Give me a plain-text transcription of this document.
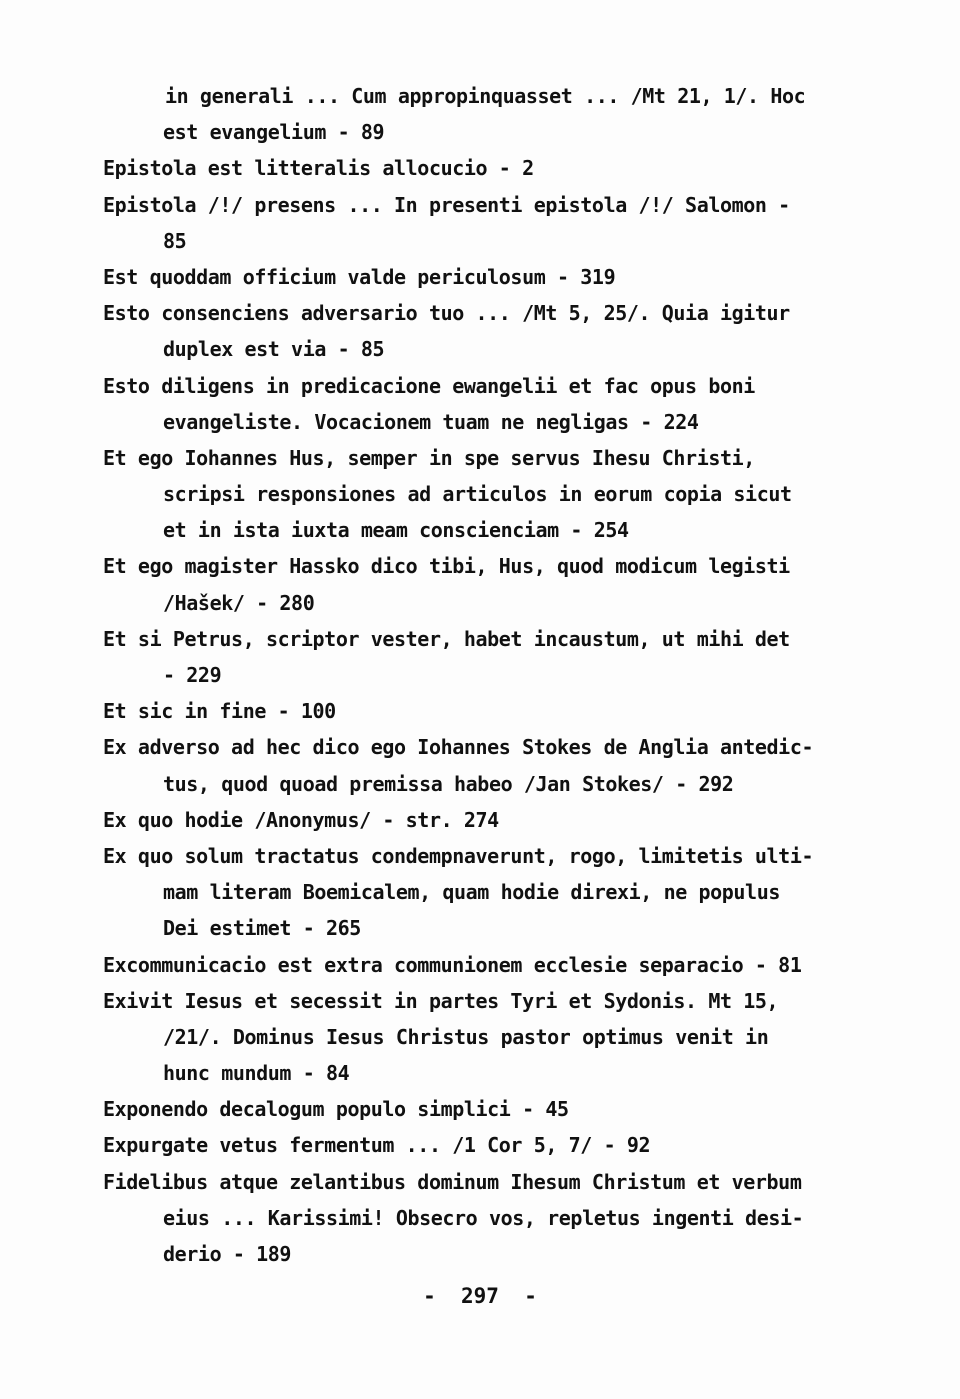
in generali ... Cum appropinquasset ... /Mt 21, 1/. Hoc
est evangelium - 89
Epistola est litteralis allocucio - 2
Epistola /!/ presens ... In presenti epistola /!/ Salomon -
85
Est quoddam officium valde periculosum - 319
Esto consenciens adversario tuo ... /Mt 5, 25/. Quia igitur
duplex est via - 85
Esto diligens in predicacione ewangelii et fac opus boni
evangeliste. Vocacionem tuam ne negligas - 224
Et ego Iohannes Hus, semper in spe servus Ihesu Christi,
scripsi responsiones ad articulos in eorum copia sicut
et in ista iuxta meam conscienciam - 254
Et ego magister Hassko dico tibi, Hus, quod modicum legisti
/Hašek/ - 280
Et si Petrus, scriptor vester, habet incaustum, ut mihi det
- 229
Et sic in fine - 100
Ex adverso ad hec dico ego Iohannes Stokes de Anglia antedic-
tus, quod quoad premissa habeo /Jan Stokes/ - 292
Ex quo hodie /Anonymus/ - str. 274
Ex quo solum tractatus condempnaverunt, rogo, limitetis ulti-
mam literam Boemicalem, quam hodie direxi, ne populus
Dei estimet - 265
Excommunicacio est extra communionem ecclesie separacio - 81
Exivit Iesus et secessit in partes Tyri et Sydonis. Mt 15,
/21/. Dominus Iesus Christus pastor optimus venit in
hunc mundum - 84
Exponendo decalogum populo simplici - 45
Expurgate vetus fermentum ... /1 Cor 5, 7/ - 92
Fidelibus atque zelantibus dominum Ihesum Christum et verbum
eius ... Karissimi! Obsecro vos, repletus ingenti desi-
derio - 189
-  297  -
